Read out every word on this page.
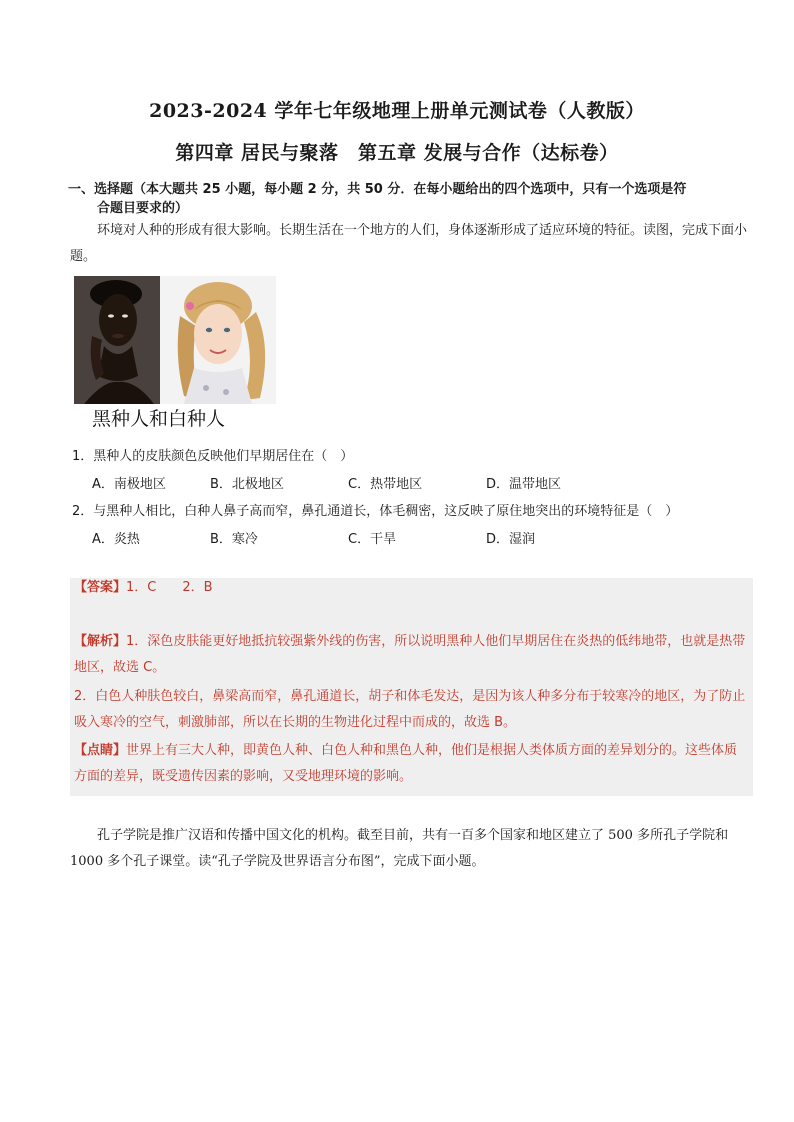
2023-2024 学年七年级地理上册单元测试卷（人教版）
第四章 居民与聚落　第五章 发展与合作（达标卷）
一、选择题（本大题共 25 小题，每小题 2 分，共 50 分．在每小题给出的四个选项中，只有一个选项是符
合题目要求的）
环境对人种的形成有很大影响。长期生活在一个地方的人们，身体逐渐形成了适应环境的特征。读图，完成下面小题。
黑种人和白种人
1．黑种人的皮肤颜色反映他们早期居住在（　）
A．南极地区	B．北极地区	C．热带地区	D．温带地区
2．与黑种人相比，白种人鼻子高而窄，鼻孔通道长，体毛稠密，这反映了原住地突出的环境特征是（　）
A．炎热	B．寒冷	C．干旱	D．湿润
【答案】1．C　　2．B
【解析】1．深色皮肤能更好地抵抗较强紫外线的伤害，所以说明黑种人他们早期居住在炎热的低纬地带，也就是热带地区，故选 C。
2．白色人种肤色较白，鼻梁高而窄，鼻孔通道长，胡子和体毛发达，是因为该人种多分布于较寒冷的地区，为了防止吸入寒冷的空气，刺激肺部，所以在长期的生物进化过程中而成的，故选 B。
【点睛】世界上有三大人种，即黄色人种、白色人种和黑色人种，他们是根据人类体质方面的差异划分的。这些体质方面的差异，既受遗传因素的影响，又受地理环境的影响。
孔子学院是推广汉语和传播中国文化的机构。截至目前，共有一百多个国家和地区建立了 500 多所孔子学院和 1000 多个孔子课堂。读“孔子学院及世界语言分布图”，完成下面小题。
